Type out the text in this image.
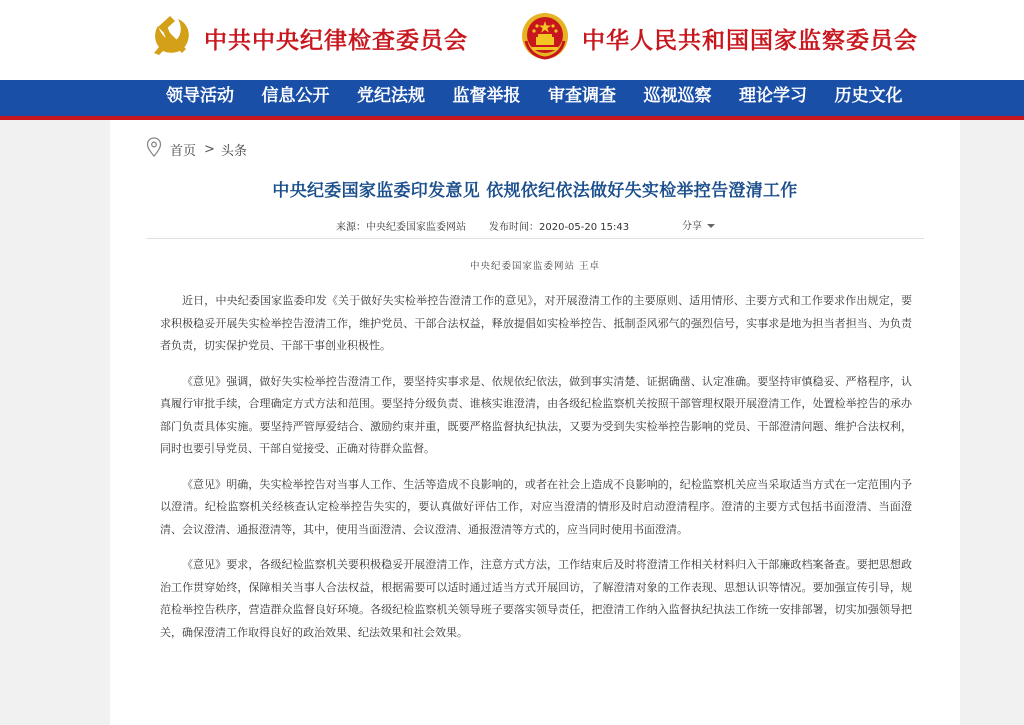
中共中央纪律检查委员会	中华人民共和国国家监察委员会
领导活动	信息公开	党纪法规	监督举报	审查调查	巡视巡察	理论学习	历史文化
首页 > 头条
中央纪委国家监委印发意见 依规依纪依法做好失实检举控告澄清工作
来源：中央纪委国家监委网站 发布时间：2020-05-20 15:43	分享
中央纪委国家监委网站 王卓

近日，中央纪委国家监委印发《关于做好失实检举控告澄清工作的意见》，对开展澄清工作的主要原则、适用情形、主要方式和工作要求作出规定，要求积极稳妥开展失实检举控告澄清工作，维护党员、干部合法权益，释放提倡如实检举控告、抵制歪风邪气的强烈信号，实事求是地为担当者担当、为负责者负责，切实保护党员、干部干事创业积极性。

《意见》强调，做好失实检举控告澄清工作，要坚持实事求是、依规依纪依法，做到事实清楚、证据确凿、认定准确。要坚持审慎稳妥、严格程序，认真履行审批手续，合理确定方式方法和范围。要坚持分级负责、谁核实谁澄清，由各级纪检监察机关按照干部管理权限开展澄清工作，处置检举控告的承办部门负责具体实施。要坚持严管厚爱结合、激励约束并重，既要严格监督执纪执法，又要为受到失实检举控告影响的党员、干部澄清问题、维护合法权利，同时也要引导党员、干部自觉接受、正确对待群众监督。

《意见》明确，失实检举控告对当事人工作、生活等造成不良影响的，或者在社会上造成不良影响的，纪检监察机关应当采取适当方式在一定范围内予以澄清。纪检监察机关经核查认定检举控告失实的，要认真做好评估工作，对应当澄清的情形及时启动澄清程序。澄清的主要方式包括书面澄清、当面澄清、会议澄清、通报澄清等，其中，使用当面澄清、会议澄清、通报澄清等方式的，应当同时使用书面澄清。

《意见》要求，各级纪检监察机关要积极稳妥开展澄清工作，注意方式方法，工作结束后及时将澄清工作相关材料归入干部廉政档案备查。要把思想政治工作贯穿始终，保障相关当事人合法权益，根据需要可以适时通过适当方式开展回访，了解澄清对象的工作表现、思想认识等情况。要加强宣传引导，规范检举控告秩序，营造群众监督良好环境。各级纪检监察机关领导班子要落实领导责任，把澄清工作纳入监督执纪执法工作统一安排部署，切实加强领导把关，确保澄清工作取得良好的政治效果、纪法效果和社会效果。
